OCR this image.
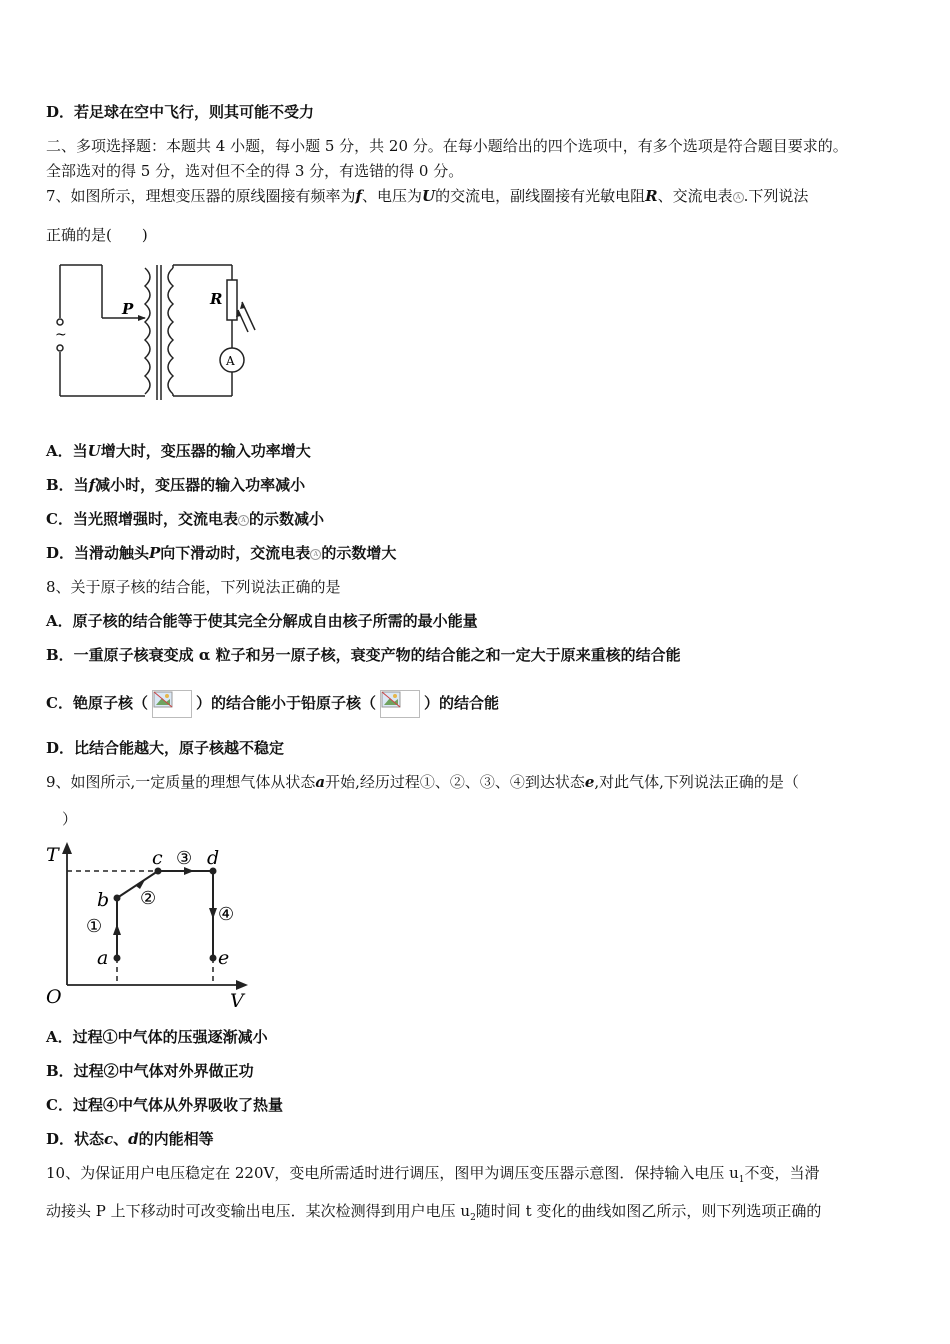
D．若足球在空中飞行，则其可能不受力
二、多项选择题：本题共 4 小题，每小题 5 分，共 20 分。在每小题给出的四个选项中，有多个选项是符合题目要求的。
全部选对的得 5 分，选对但不全的得 3 分，有选错的得 0 分。
7、如图所示，理想变压器的原线圈接有频率为f、电压为U的交流电，副线圈接有光敏电阻R、交流电表 A .下列说法
正确的是(　　)
P
R
A
~
A．当U增大时，变压器的输入功率增大
B．当f减小时，变压器的输入功率减小
C．当光照增强时，交流电表 A 的示数减小
D．当滑动触头P向下滑动时，交流电表 A 的示数增大
8、关于原子核的结合能，下列说法正确的是
A．原子核的结合能等于使其完全分解成自由核子所需的最小能量
B．一重原子核衰变成 α 粒子和另一原子核，衰变产物的结合能之和一定大于原来重核的结合能
C．铯原子核（	）的结合能小于铅原子核（	）的结合能
D．比结合能越大，原子核越不稳定
9、如图所示,一定质量的理想气体从状态a开始,经历过程①、②、③、④到达状态e,对此气体,下列说法正确的是（
）
T
V
O
a
b
c d
e
①
②
③
④
A．过程①中气体的压强逐渐减小
B．过程②中气体对外界做正功
C．过程④中气体从外界吸收了热量
D．状态c、d的内能相等
10、为保证用户电压稳定在 220V，变电所需适时进行调压，图甲为调压变压器示意图．保持输入电压 $u_1$不变，当滑
动接头 P 上下移动时可改变输出电压．某次检测得到用户电压 $u_2$随时间 t 变化的曲线如图乙所示，则下列选项正确的
